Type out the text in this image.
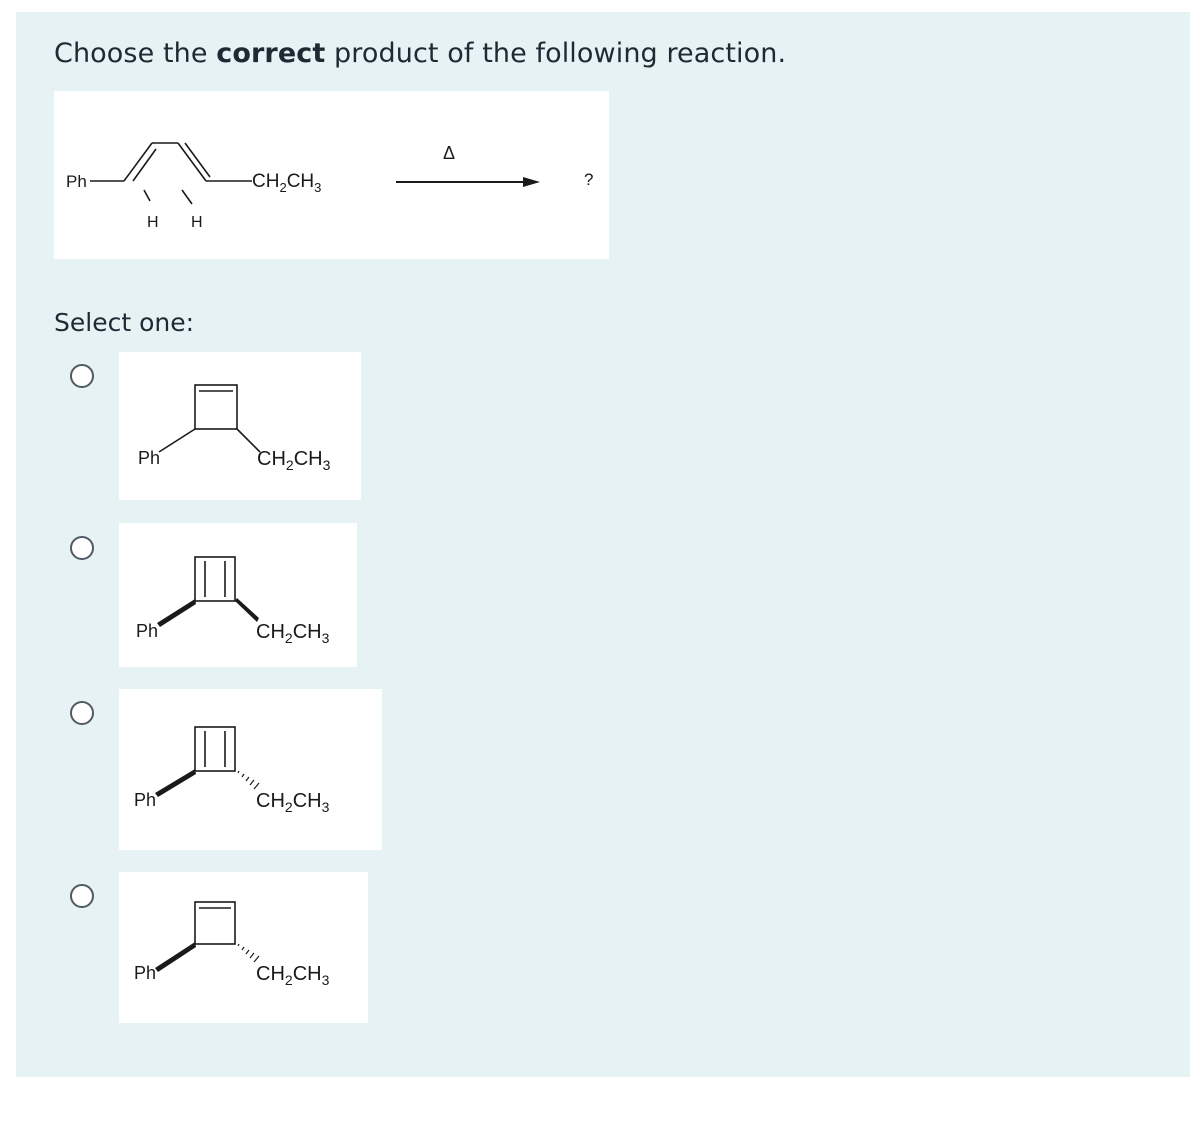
Choose the correct product of the following reaction.
Ph
H H
$CH_2CH_3$
Δ
?
Select one:
Ph	$CH_2CH_3$
Ph	$CH_2CH_3$
Ph	$CH_2CH_3$
Ph	$CH_2CH_3$
